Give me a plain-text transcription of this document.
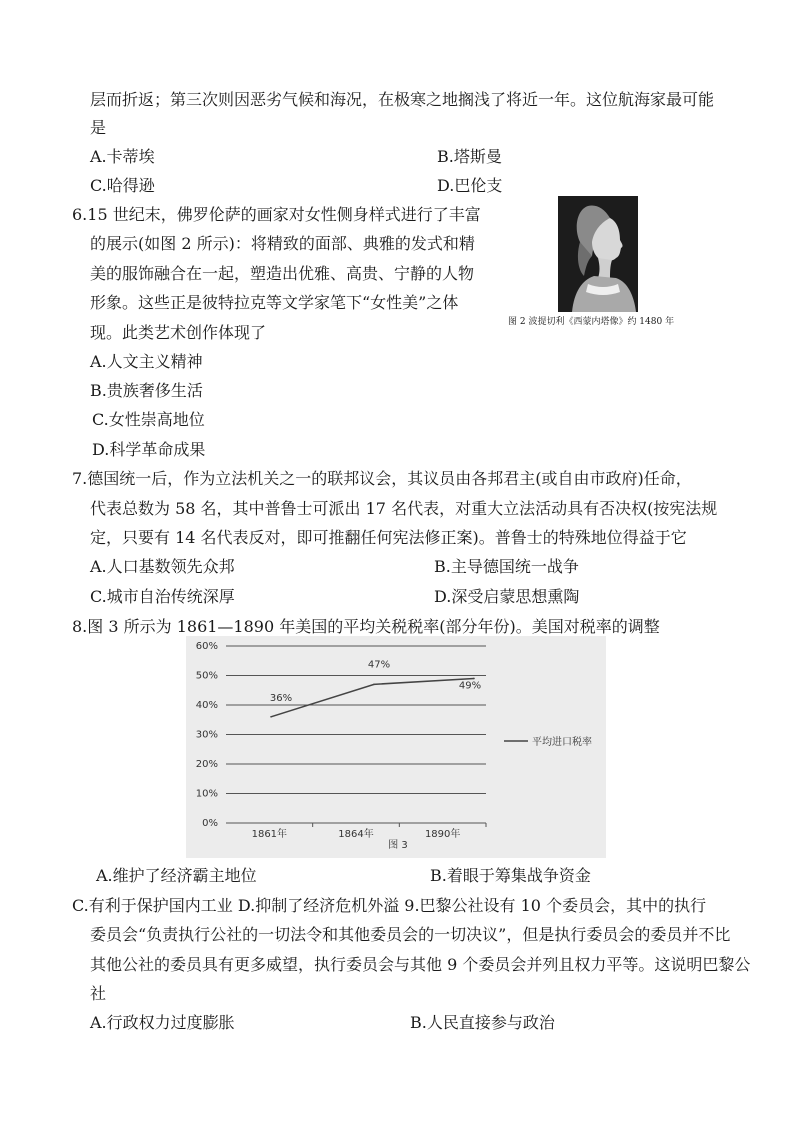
层而折返；第三次则因恶劣气候和海况，在极寒之地搁浅了将近一年。这位航海家最可能
是
A.卡蒂埃	B.塔斯曼
C.哈得逊	D.巴伦支
6.15 世纪末，佛罗伦萨的画家对女性侧身样式进行了丰富
的展示(如图 2 所示)：将精致的面部、典雅的发式和精
美的服饰融合在一起，塑造出优雅、高贵、宁静的人物
形象。这些正是彼特拉克等文学家笔下“女性美”之体
现。此类艺术创作体现了
图 2 波提切利《西蒙内塔像》约 1480 年
A.人文主义精神
B.贵族奢侈生活
C.女性崇高地位
D.科学革命成果
7.德国统一后，作为立法机关之一的联邦议会，其议员由各邦君主(或自由市政府)任命，
代表总数为 58 名，其中普鲁士可派出 17 名代表，对重大立法活动具有否决权(按宪法规
定，只要有 14 名代表反对，即可推翻任何宪法修正案)。普鲁士的特殊地位得益于它
A.人口基数领先众邦	B.主导德国统一战争
C.城市自治传统深厚	D.深受启蒙思想熏陶
8.图 3 所示为 1861—1890 年美国的平均关税税率(部分年份)。美国对税率的调整
0%
10%
20%
30%
40%
50%
60%
1861年	1864年	1890年
36%
47%
49%
平均进口税率
图 3
A.维护了经济霸主地位	B.着眼于筹集战争资金
C.有利于保护国内工业 D.抑制了经济危机外溢 9.巴黎公社设有 10 个委员会，其中的执行
委员会“负责执行公社的一切法令和其他委员会的一切决议”，但是执行委员会的委员并不比
其他公社的委员具有更多威望，执行委员会与其他 9 个委员会并列且权力平等。这说明巴黎公
社
A.行政权力过度膨胀	B.人民直接参与政治
